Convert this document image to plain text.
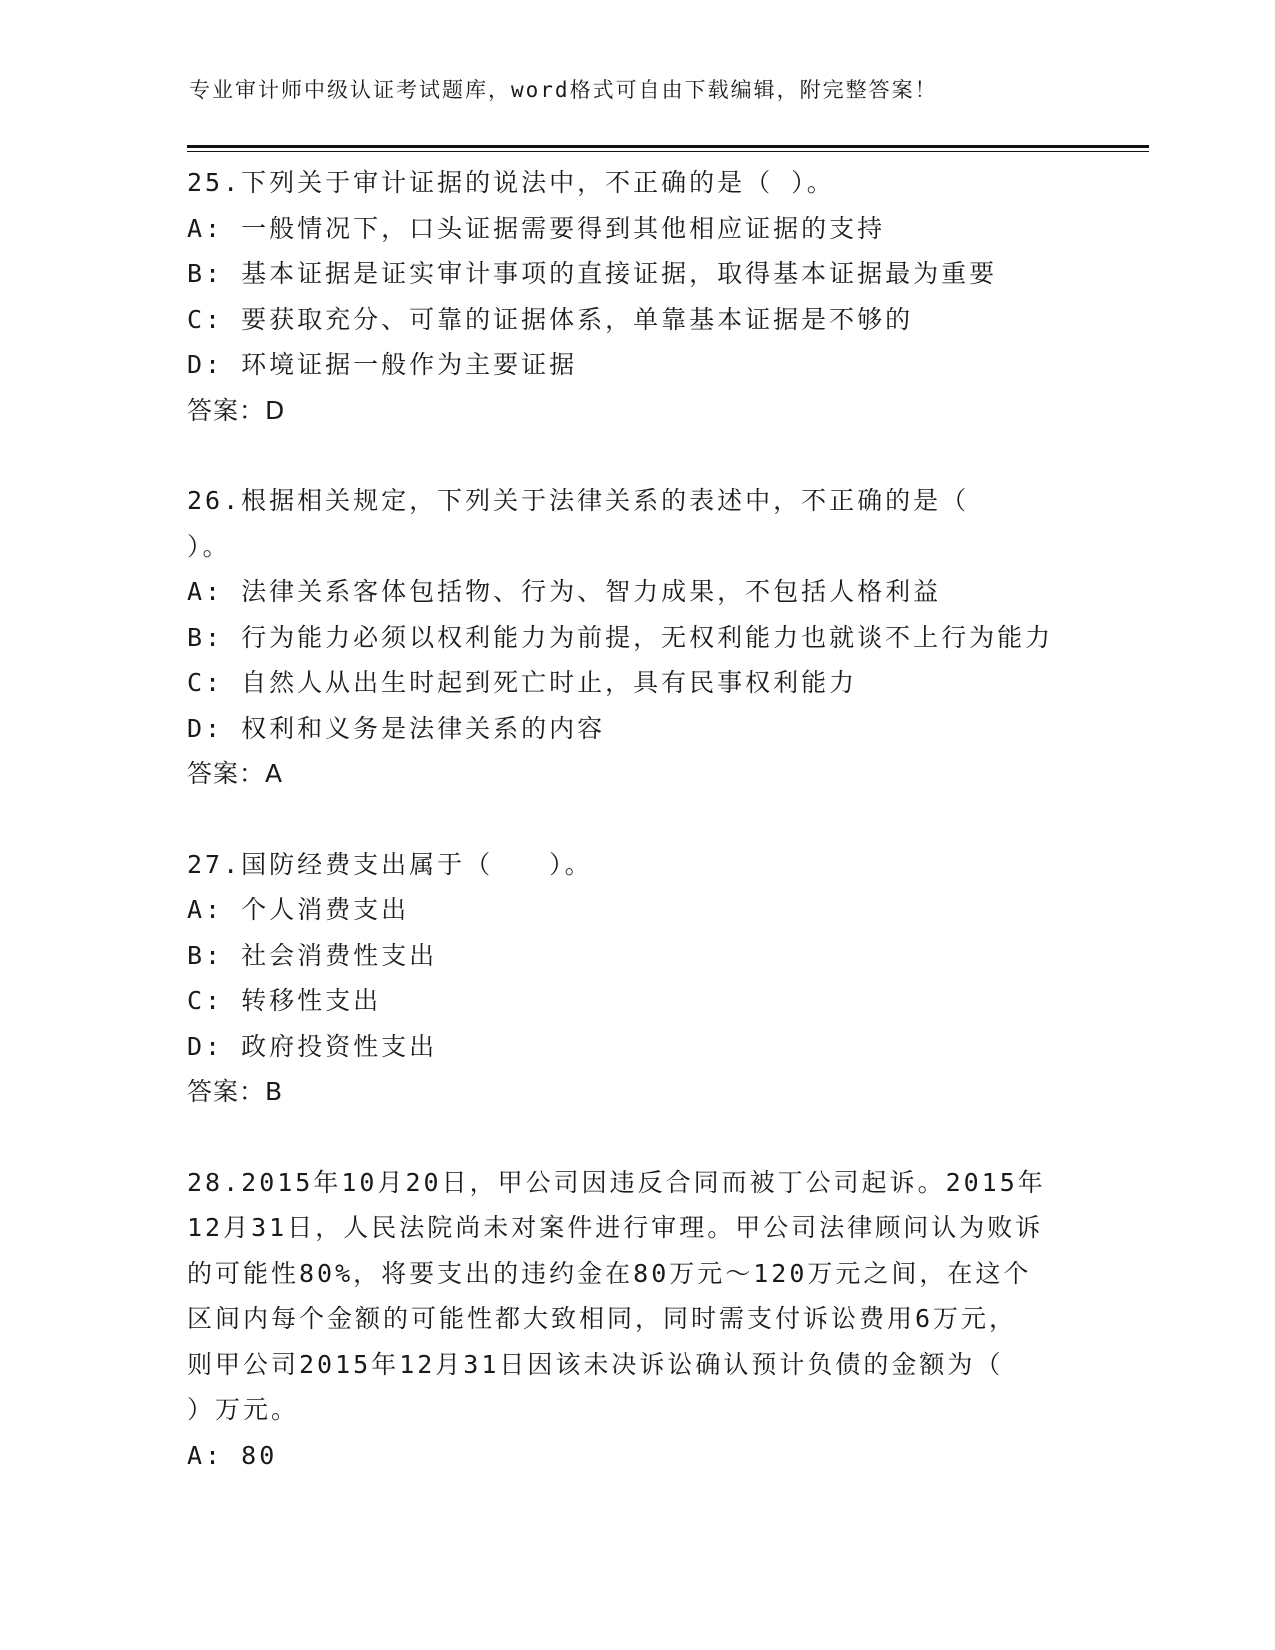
专业审计师中级认证考试题库，word格式可自由下载编辑，附完整答案！
25.下列关于审计证据的说法中，不正确的是（ ）。
A: 一般情况下，口头证据需要得到其他相应证据的支持
B: 基本证据是证实审计事项的直接证据，取得基本证据最为重要
C: 要获取充分、可靠的证据体系，单靠基本证据是不够的
D: 环境证据一般作为主要证据
答案：D
26.根据相关规定，下列关于法律关系的表述中，不正确的是（
）。
A: 法律关系客体包括物、行为、智力成果，不包括人格利益
B: 行为能力必须以权利能力为前提，无权利能力也就谈不上行为能力
C: 自然人从出生时起到死亡时止，具有民事权利能力
D: 权利和义务是法律关系的内容
答案：A
27.国防经费支出属于（　　）。
A: 个人消费支出
B: 社会消费性支出
C: 转移性支出
D: 政府投资性支出
答案：B
28.2015年10月20日，甲公司因违反合同而被丁公司起诉。2015年
12月31日，人民法院尚未对案件进行审理。甲公司法律顾问认为败诉
的可能性80%，将要支出的违约金在80万元～120万元之间，在这个
区间内每个金额的可能性都大致相同，同时需支付诉讼费用6万元，
则甲公司2015年12月31日因该未决诉讼确认预计负债的金额为（
）万元。
A: 80
